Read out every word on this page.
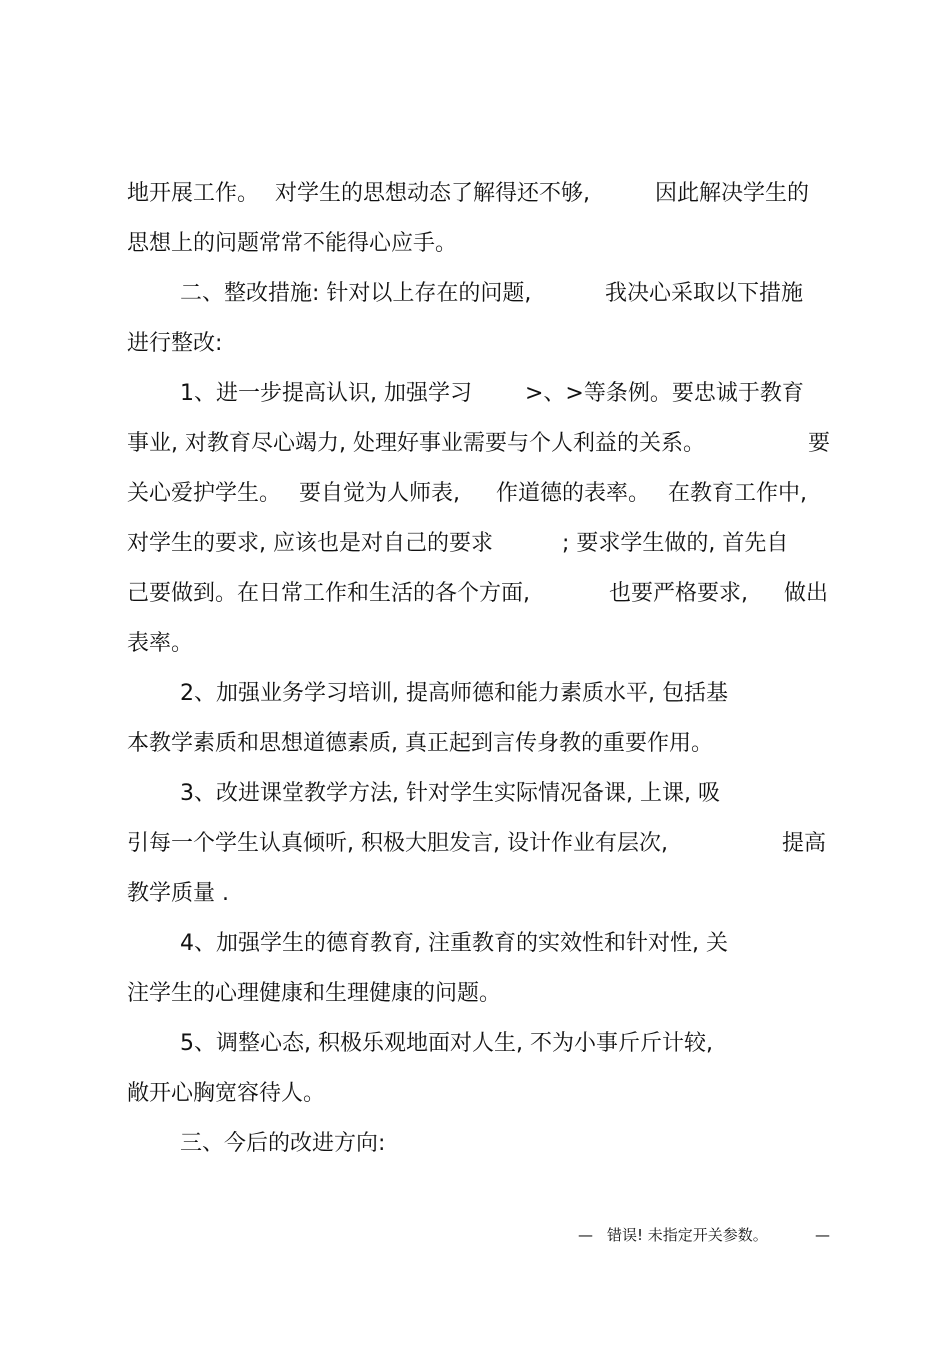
地开展工作。

对学生的思想动态了解得还不够,

	因此解决学生的

思想上的问题常常不能得心应手。

二、整改措施: 针对以上存在的问题,

	我决心采取以下措施

进行整改:

1、进一步提高认识, 加强学习

>、>等条例。要忠诚于教育

事业, 对教育尽心竭力, 处理好事业需要与个人利益的关系。

	要

关心爱护学生。

要自觉为人师表,

作道德的表率。

在教育工作中,

对学生的要求, 应该也是对自己的要求

	; 要求学生做的, 首先自

己要做到。在日常工作和生活的各个方面,

	也要严格要求,

做出

表率。

2、加强业务学习培训, 提高师德和能力素质水平, 包括基

本教学素质和思想道德素质, 真正起到言传身教的重要作用。

3、改进课堂教学方法, 针对学生实际情况备课, 上课, 吸

引每一个学生认真倾听, 积极大胆发言, 设计作业有层次,

	提高

教学质量 .

4、加强学生的德育教育, 注重教育的实效性和针对性, 关

注学生的心理健康和生理健康的问题。

5、调整心态, 积极乐观地面对人生, 不为小事斤斤计较,

敞开心胸宽容待人。

三、今后的改进方向:

— 错误! 未指定开关参数。	—
